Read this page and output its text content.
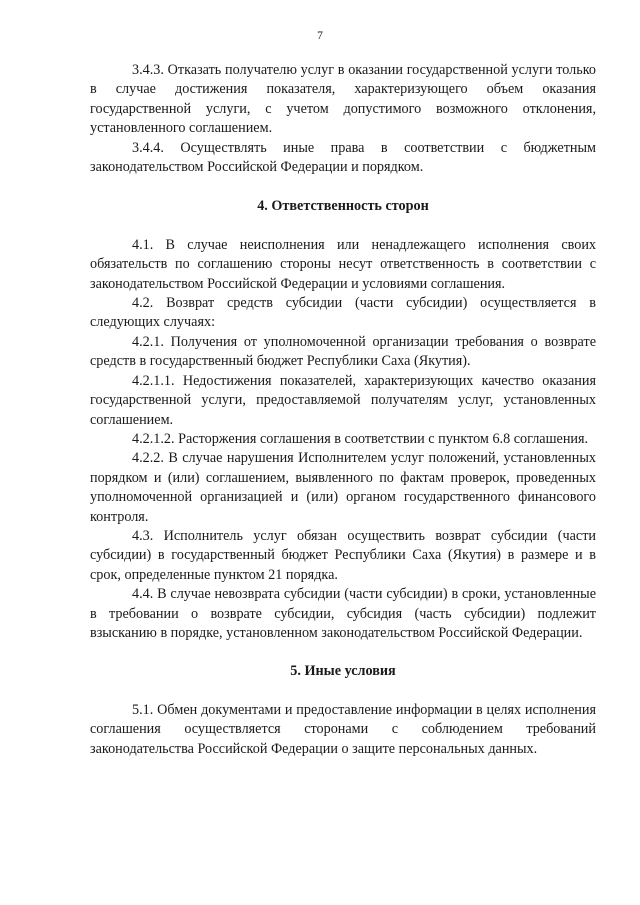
7

3.4.3. Отказать получателю услуг в оказании государственной услуги только в случае достижения показателя, характеризующего объем оказания государственной услуги, с учетом допустимого возможного отклонения, установленного соглашением.

3.4.4. Осуществлять иные права в соответствии с бюджетным законодательством Российской Федерации и порядком.

4. Ответственность сторон

4.1. В случае неисполнения или ненадлежащего исполнения своих обязательств по соглашению стороны несут ответственность в соответствии с законодательством Российской Федерации и условиями соглашения.

4.2. Возврат средств субсидии (части субсидии) осуществляется в следующих случаях:

4.2.1. Получения от уполномоченной организации требования о возврате средств в государственный бюджет Республики Саха (Якутия).

4.2.1.1. Недостижения показателей, характеризующих качество оказания государственной услуги, предоставляемой получателям услуг, установленных соглашением.

4.2.1.2. Расторжения соглашения в соответствии с пунктом 6.8 соглашения.

4.2.2. В случае нарушения Исполнителем услуг положений, установленных порядком и (или) соглашением, выявленного по фактам проверок, проведенных уполномоченной организацией и (или) органом государственного финансового контроля.

4.3. Исполнитель услуг обязан осуществить возврат субсидии (части субсидии) в государственный бюджет Республики Саха (Якутия) в размере и в срок, определенные пунктом 21 порядка.

4.4. В случае невозврата субсидии (части субсидии) в сроки, установленные в требовании о возврате субсидии, субсидия (часть субсидии) подлежит взысканию в порядке, установленном законодательством Российской Федерации.

5. Иные условия

5.1. Обмен документами и предоставление информации в целях исполнения соглашения осуществляется сторонами с соблюдением требований законодательства Российской Федерации о защите персональных данных.
